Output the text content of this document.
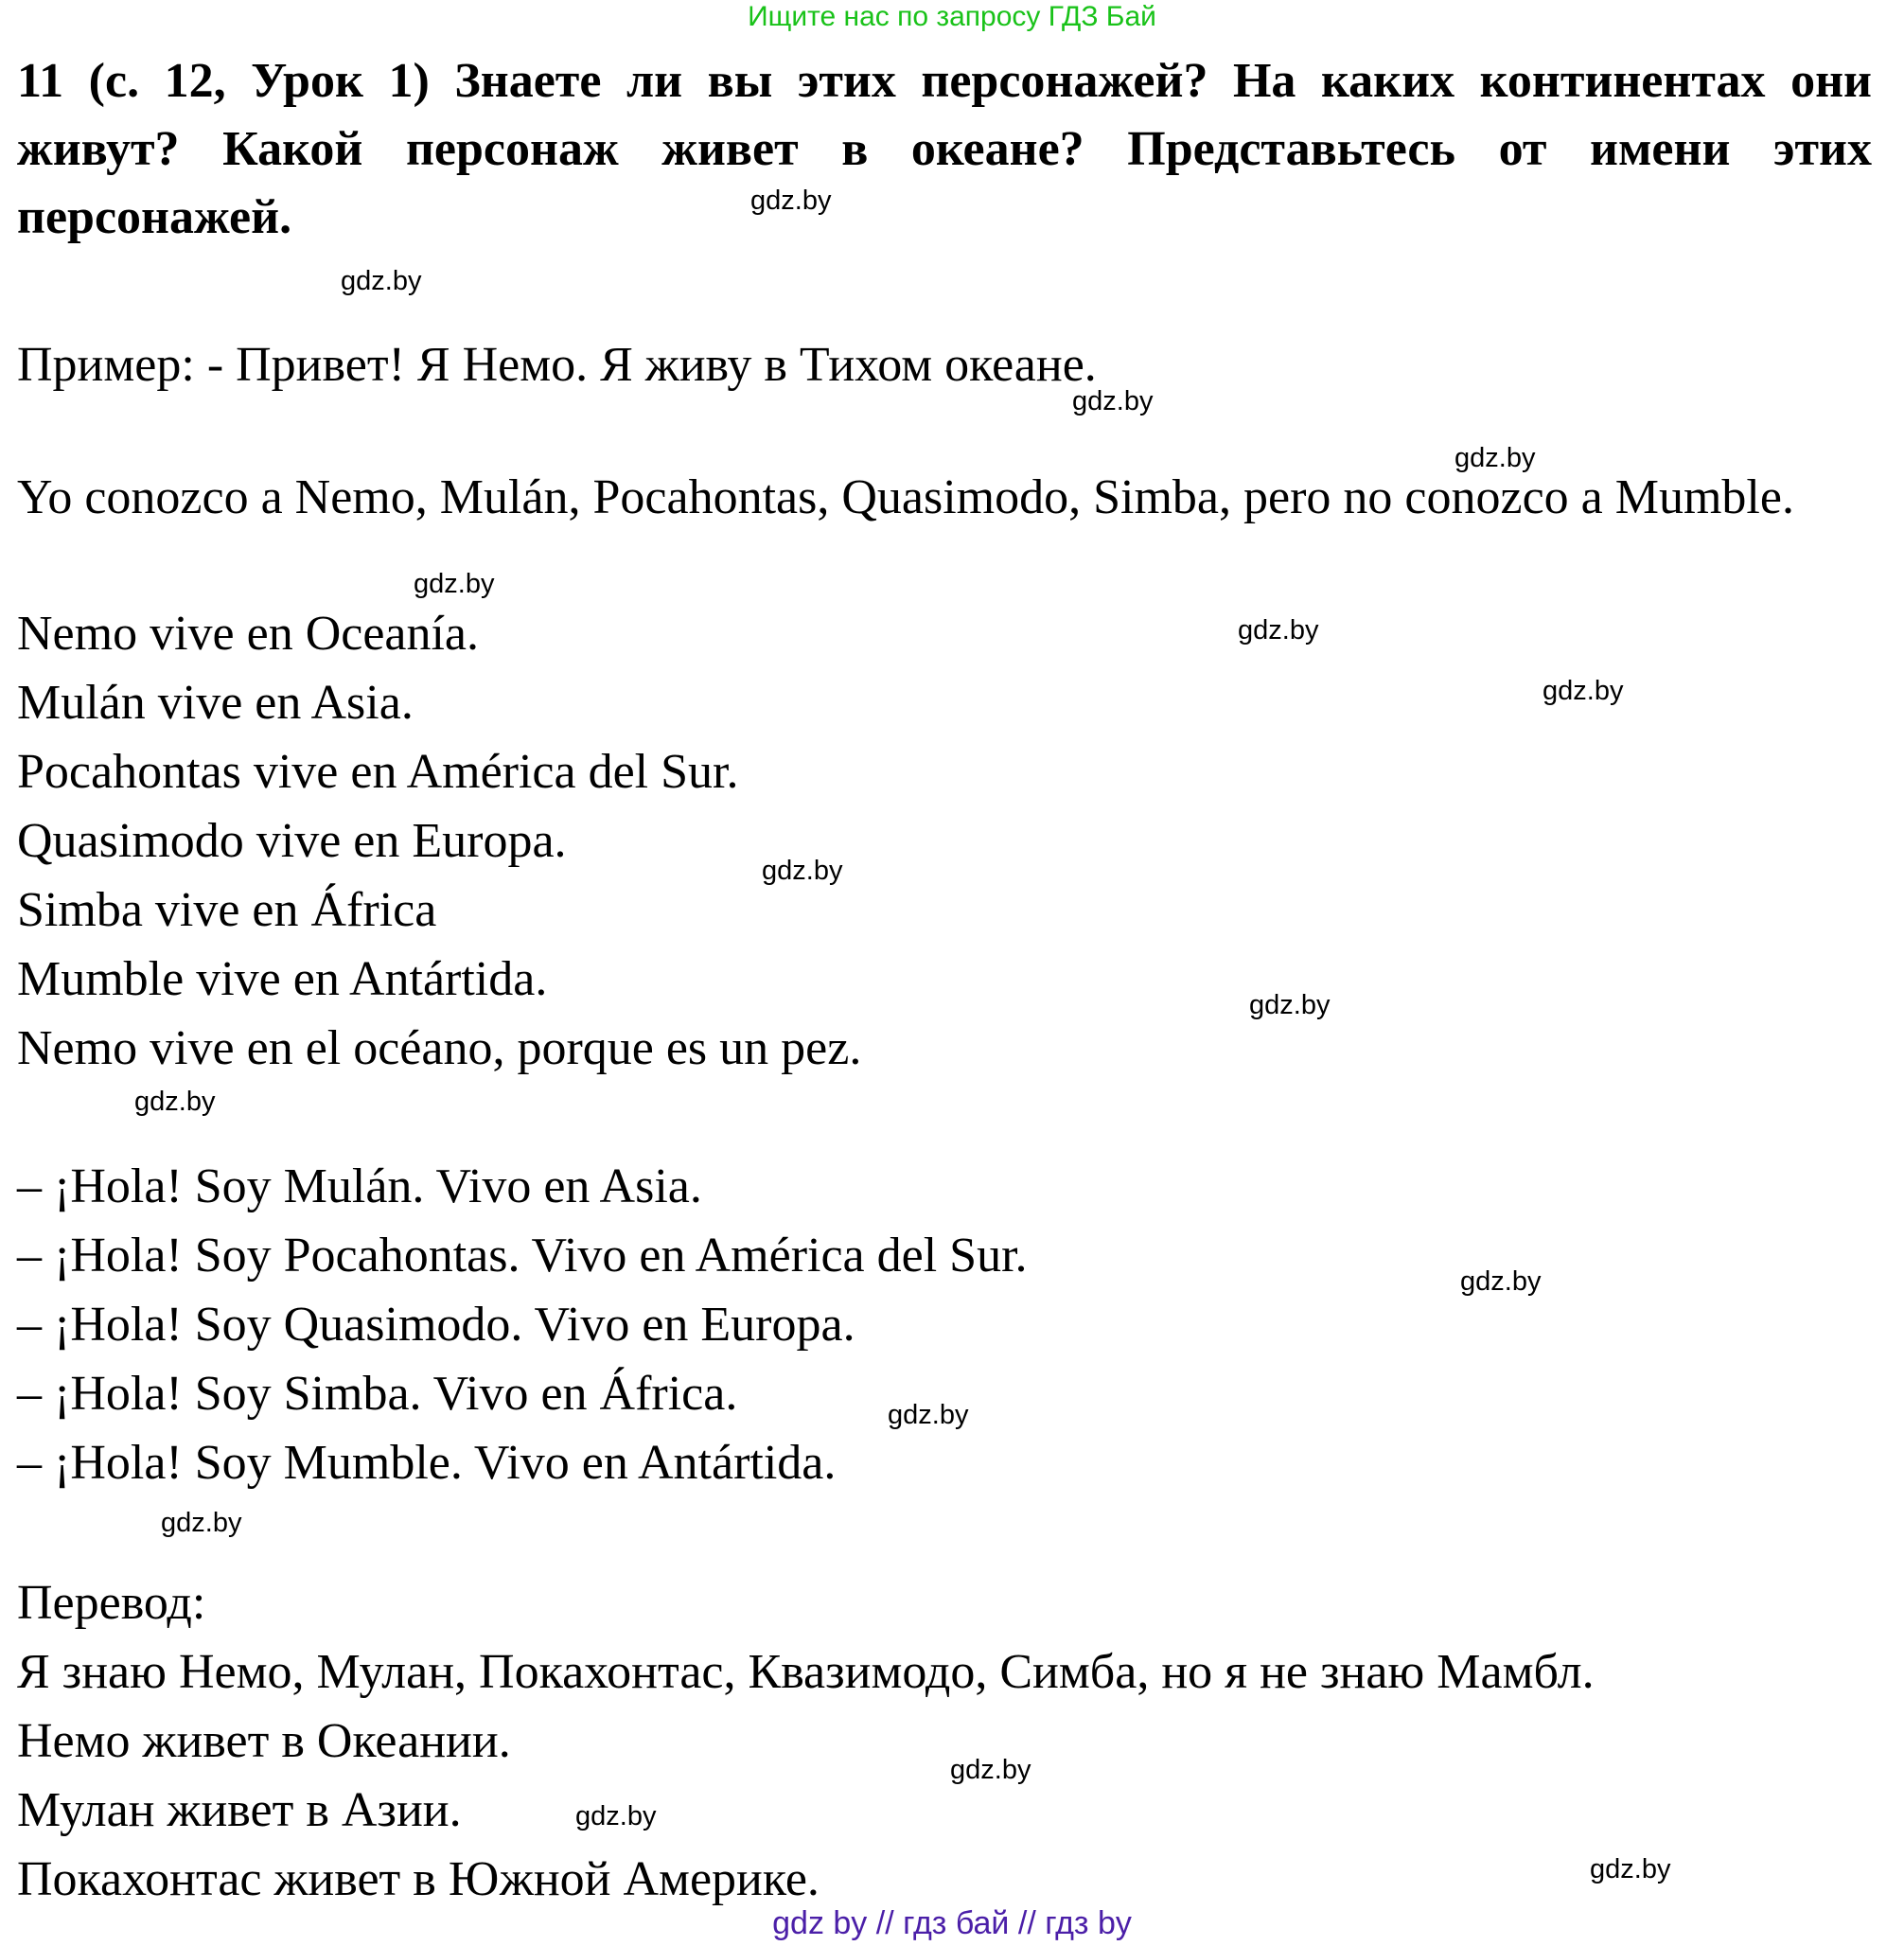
Ищите нас по запросу ГДЗ Бай
11 (с. 12, Урок 1) Знаете ли вы этих персонажей? На каких континентах они живут? Какой персонаж живет в океане? Представьтесь от имени этих персонажей.
Пример: - Привет! Я Немо. Я живу в Тихом океане.
Yo conozco a Nemo, Mulán, Pocahontas, Quasimodo, Simba, pero no conozco a Mumble.
Nemo vive en Oceanía.
Mulán vive en Asia.
Pocahontas vive en América del Sur.
Quasimodo vive en Europa.
Simba vive en África
Mumble vive en Antártida.
Nemo vive en el océano, porque es un pez.
– ¡Hola! Soy Mulán. Vivo en Asia.
– ¡Hola! Soy Pocahontas. Vivo en América del Sur.
– ¡Hola! Soy Quasimodo. Vivo en Europa.
– ¡Hola! Soy Simba. Vivo en África.
– ¡Hola! Soy Mumble. Vivo en Antártida.
Перевод:
Я знаю Немо, Мулан, Покахонтас, Квазимодо, Симба, но я не знаю Мамбл.
Немо живет в Океании.
Мулан живет в Азии.
Покахонтас живет в Южной Америке.
gdz.by
gdz.by
gdz.by
gdz.by
gdz.by
gdz.by
gdz.by
gdz.by
gdz.by
gdz.by
gdz.by
gdz.by
gdz.by
gdz.by
gdz.by
gdz.by
gdz by // гдз бай // гдз by
